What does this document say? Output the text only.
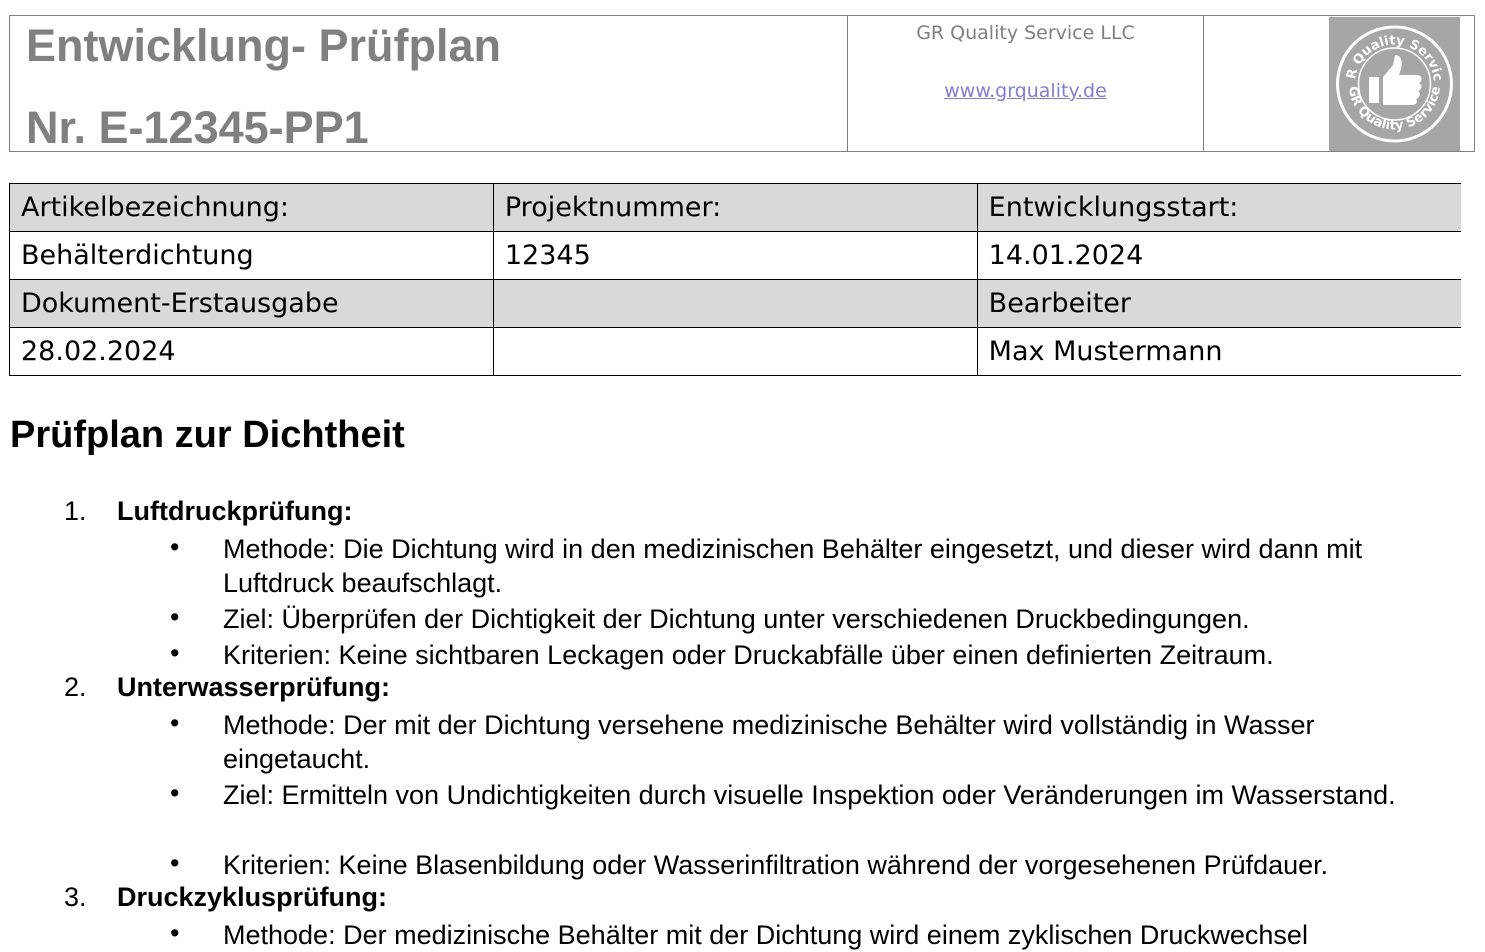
Entwicklung- Prüfplan
Nr. E-12345-PP1
GR Quality Service LLC
www.grquality.de
R Quality Servic
GR Quality Service
Artikelbezeichnung:	Projektnummer:	Entwicklungsstart:
Behälterdichtung	12345	14.01.2024
Dokument-Erstausgabe		Bearbeiter
28.02.2024		Max Mustermann
Prüfplan zur Dichtheit
1. Luftdruckprüfung:
• Methode: Die Dichtung wird in den medizinischen Behälter eingesetzt, und dieser wird dann mit Luftdruck beaufschlagt.
• Ziel: Überprüfen der Dichtigkeit der Dichtung unter verschiedenen Druckbedingungen.
• Kriterien: Keine sichtbaren Leckagen oder Druckabfälle über einen definierten Zeitraum.
2. Unterwasserprüfung:
• Methode: Der mit der Dichtung versehene medizinische Behälter wird vollständig in Wasser eingetaucht.
• Ziel: Ermitteln von Undichtigkeiten durch visuelle Inspektion oder Veränderungen im Wasserstand.
• Kriterien: Keine Blasenbildung oder Wasserinfiltration während der vorgesehenen Prüfdauer.
3. Druckzyklusprüfung:
• Methode: Der medizinische Behälter mit der Dichtung wird einem zyklischen Druckwechsel
